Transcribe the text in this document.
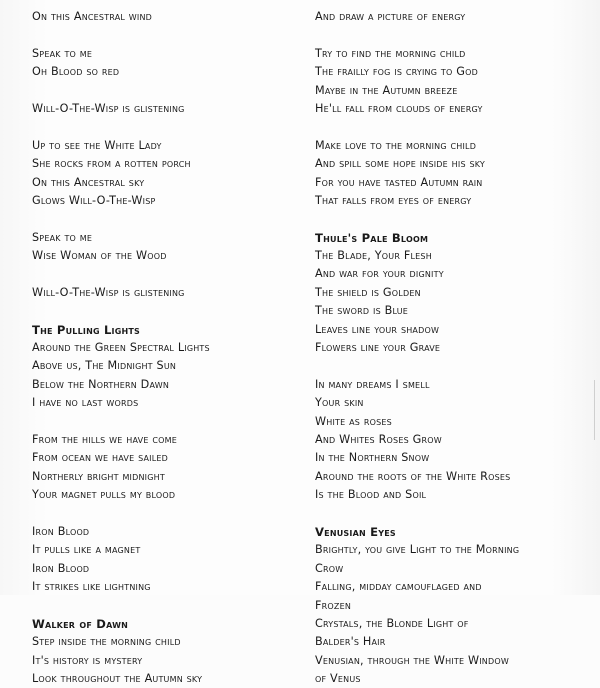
On this Ancestral wind
Speak to me
Oh Blood so red
Will-O-The-Wisp is glistening
Up to see the White Lady
She rocks from a rotten porch
On this Ancestral sky
Glows Will-O-The-Wisp
Speak to me
Wise Woman of the Wood
Will-O-The-Wisp is glistening
The Pulling Lights
Around the Green Spectral Lights
Above us, The Midnight Sun
Below the Northern Dawn
I have no last words
From the hills we have come
From ocean we have sailed
Northerly bright midnight
Your magnet pulls my blood
Iron Blood
It pulls like a magnet
Iron Blood
It strikes like lightning
Walker of Dawn
Step inside the morning child
It's history is mystery
Look throughout the Autumn sky
And draw a picture of energy
Try to find the morning child
The frailly fog is crying to God
Maybe in the Autumn breeze
He'll fall from clouds of energy
Make love to the morning child
And spill some hope inside his sky
For you have tasted Autumn rain
That falls from eyes of energy
Thule's Pale Bloom
The Blade, Your Flesh
And war for your dignity
The shield is Golden
The sword is Blue
Leaves line your shadow
Flowers line your Grave
In many dreams I smell
Your skin
White as roses
And Whites Roses Grow
In the Northern Snow
Around the roots of the White Roses
Is the Blood and Soil
Venusian Eyes
Brightly, you give Light to the Morning
Crow
Falling, midday camouflaged and
Frozen
Crystals, the Blonde Light of
Balder's Hair
Venusian, through the White Window
of Venus
